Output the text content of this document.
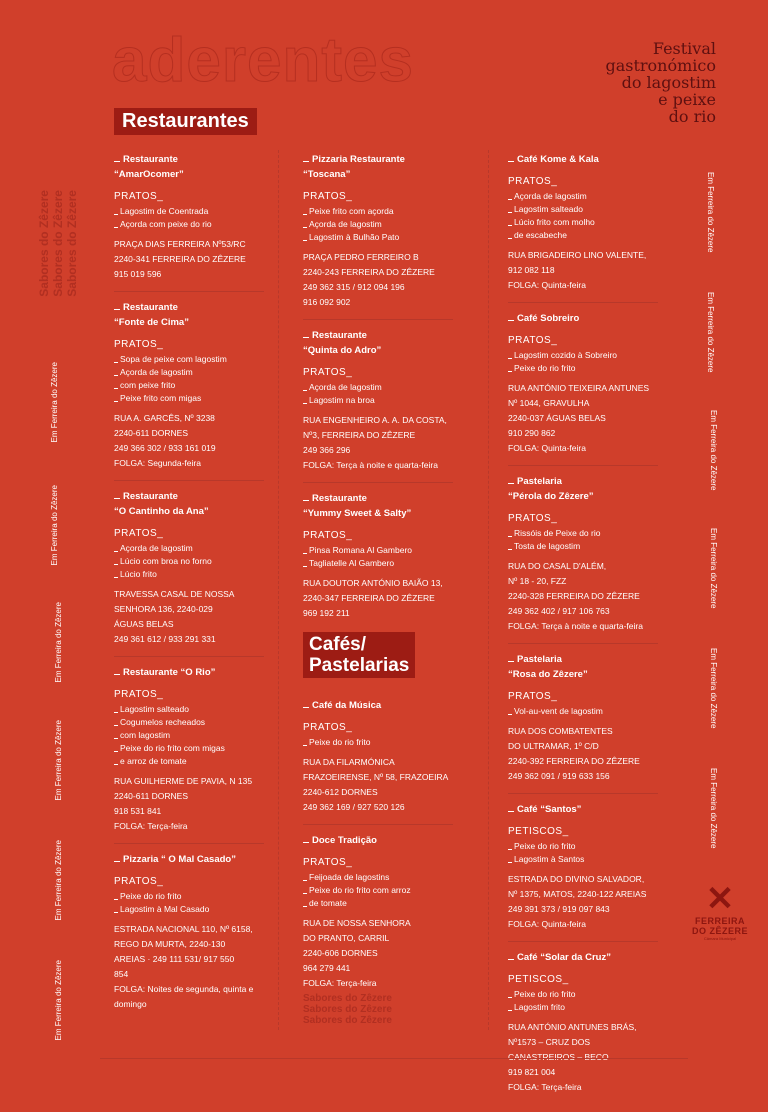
aderentes	Festival
gastronómico
do lagostim
e peixe
do rio
Restaurantes
Sabores do Zêzere Sabores do Zêzere Sabores do Zêzere
Em Ferreira do Zêzere
Em Ferreira do Zêzere
Em Ferreira do Zêzere
Em Ferreira do Zêzere
Em Ferreira do Zêzere
Em Ferreira do Zêzere
Em Ferreira do Zêzere
Em Ferreira do Zêzere
Em Ferreira do Zêzere
Em Ferreira do Zêzere
Em Ferreira do Zêzere
Em Ferreira do Zêzere
Restaurante
“AmarOcomer”
PRATOS_
Lagostim de Coentrada
Açorda com peixe do rio
PRAÇA DIAS FERREIRA Nº53/RC
2240-341 FERREIRA DO ZÊZERE
915 019 596
Restaurante
“Fonte de Cima”
PRATOS_
Sopa de peixe com lagostim
Açorda de lagostim
com peixe frito
Peixe frito com migas
RUA A. GARCÊS, Nº 3238
2240-611 DORNES
249 366 302 / 933 161 019
FOLGA: Segunda-feira
Restaurante
“O Cantinho da Ana”
PRATOS_
Açorda de lagostim
Lúcio com broa no forno
Lúcio frito
TRAVESSA CASAL DE NOSSA
SENHORA 136, 2240-029
ÁGUAS BELAS
249 361 612 / 933 291 331
Restaurante “O Rio”
PRATOS_
Lagostim salteado
Cogumelos recheados
com lagostim
Peixe do rio frito com migas
e arroz de tomate
RUA GUILHERME DE PAVIA, N 135
2240-611 DORNES
918 531 841
FOLGA: Terça-feira
Pizzaria “ O Mal Casado”
PRATOS_
Peixe do rio frito
Lagostim à Mal Casado
ESTRADA NACIONAL 110, Nº 6158,
REGO DA MURTA, 2240-130
AREIAS · 249 111 531/ 917 550
854
FOLGA: Noites de segunda, quinta e
domingo
Pizzaria Restaurante
“Toscana”
PRATOS_
Peixe frito com açorda
Açorda de lagostim
Lagostim à Bulhão Pato
PRAÇA PEDRO FERREIRO B
2240-243 FERREIRA DO ZÊZERE
249 362 315 / 912 094 196
916 092 902
Restaurante
“Quinta do Adro”
PRATOS_
Açorda de lagostim
Lagostim na broa
RUA ENGENHEIRO A. A. DA COSTA,
Nº3, FERREIRA DO ZÊZERE
249 366 296
FOLGA: Terça à noite e quarta-feira
Restaurante
“Yummy Sweet & Salty”
PRATOS_
Pinsa Romana Al Gambero
Tagliatelle Al Gambero
RUA DOUTOR ANTÓNIO BAIÃO 13,
2240-347 FERREIRA DO ZÊZERE
969 192 211
Cafés/
Pastelarias
Café da Música
PRATOS_
Peixe do rio frito
RUA DA FILARMÓNICA
FRAZOEIRENSE, Nº 58, FRAZOEIRA
2240-612 DORNES
249 362 169 / 927 520 126
Doce Tradição
PRATOS_
Feijoada de lagostins
Peixe do rio frito com arroz
de tomate
RUA DE NOSSA SENHORA
DO PRANTO, CARRIL
2240-606 DORNES
964 279 441
FOLGA: Terça-feira
Sabores do Zêzere
Sabores do Zêzere
Sabores do Zêzere
Café Kome & Kala
PRATOS_
Açorda de lagostim
Lagostim salteado
Lúcio frito com molho
de escabeche
RUA BRIGADEIRO LINO VALENTE,
912 082 118
FOLGA: Quinta-feira
Café Sobreiro
PRATOS_
Lagostim cozido à Sobreiro
Peixe do rio frito
RUA ANTÓNIO TEIXEIRA ANTUNES
Nº 1044, GRAVULHA
2240-037 ÁGUAS BELAS
910 290 862
FOLGA: Quinta-feira
Pastelaria
“Pérola do Zêzere”
PRATOS_
Rissóis de Peixe do rio
Tosta de lagostim
RUA DO CASAL D'ALÉM,
Nº 18 - 20, FZZ
2240-328 FERREIRA DO ZÊZERE
249 362 402 / 917 106 763
FOLGA: Terça à noite e quarta-feira
Pastelaria
“Rosa do Zêzere”
PRATOS_
Vol-au-vent de lagostim
RUA DOS COMBATENTES
DO ULTRAMAR, 1º C/D
2240-392 FERREIRA DO ZÊZERE
249 362 091 / 919 633 156
Café “Santos”
PETISCOS_
Peixe do rio frito
Lagostim à Santos
ESTRADA DO DIVINO SALVADOR,
Nº 1375, MATOS, 2240-122 AREIAS
249 391 373 / 919 097 843
FOLGA: Quinta-feira
Café “Solar da Cruz”
PETISCOS_
Peixe do rio frito
Lagostim frito
RUA ANTÓNIO ANTUNES BRÁS,
Nº1573 – CRUZ DOS
CANASTREIROS – BECO
919 821 004
FOLGA: Terça-feira
✕
FERREIRA
DO ZÊZERE
Câmara Municipal
